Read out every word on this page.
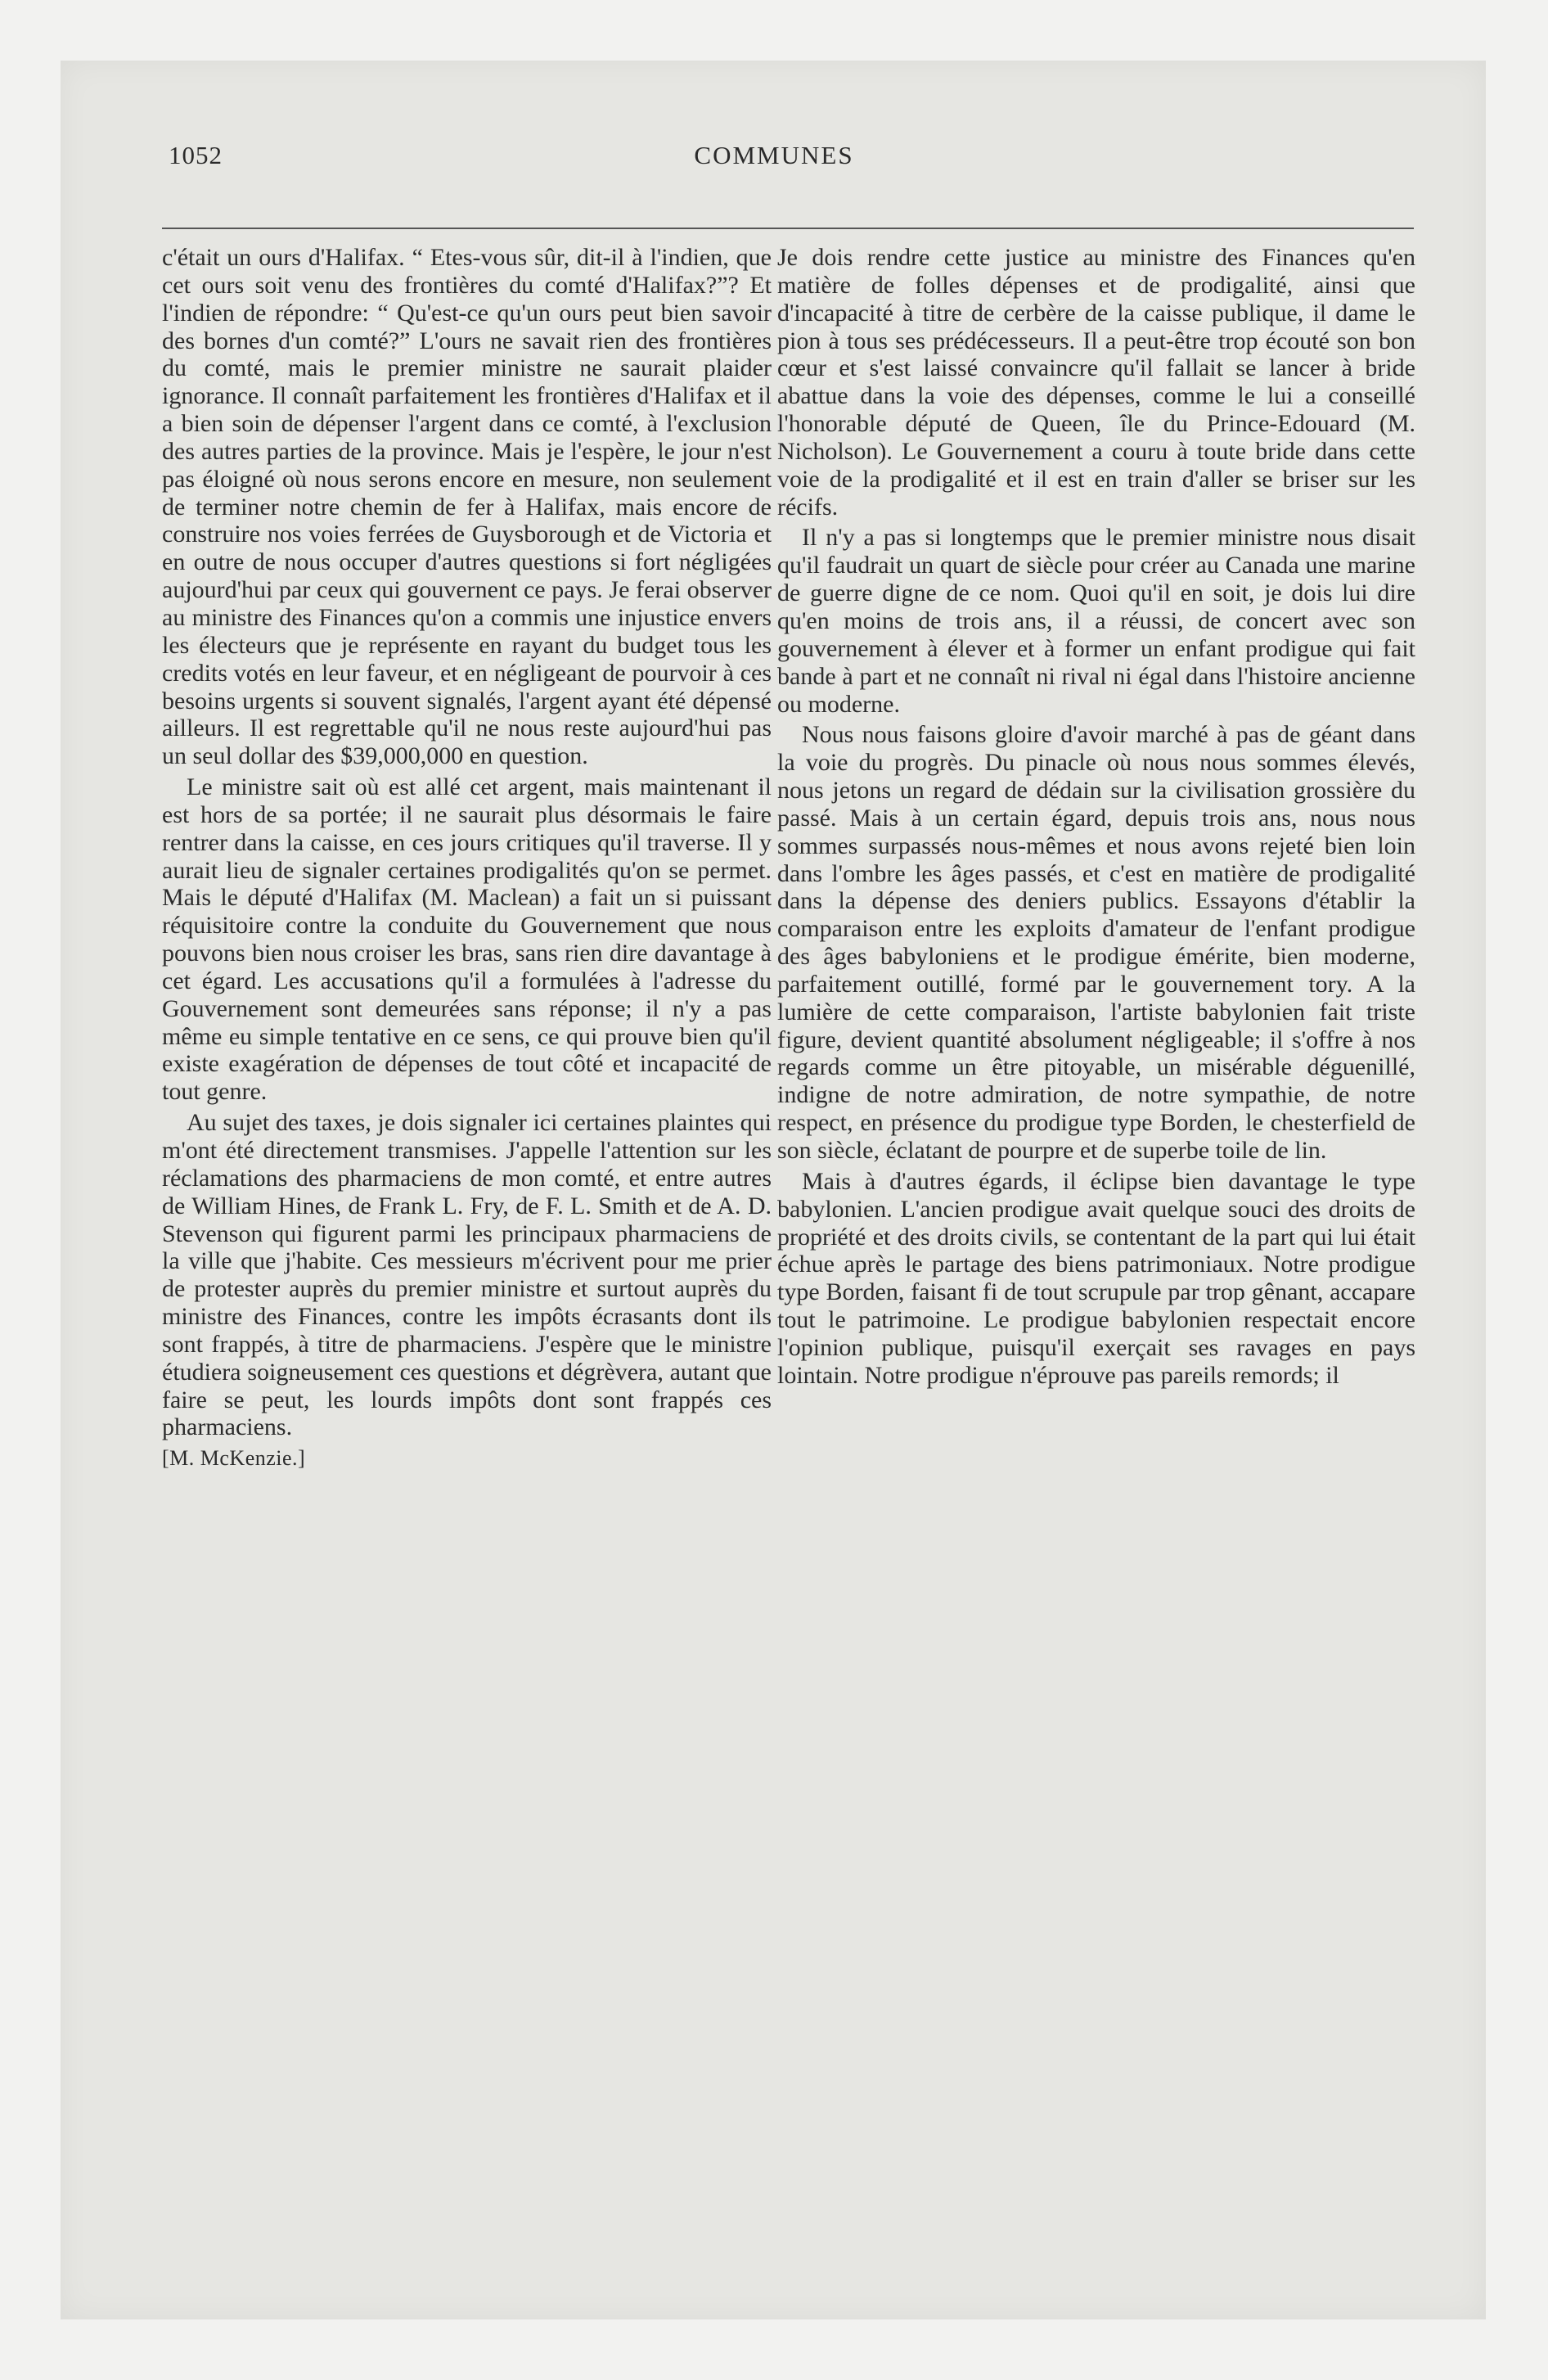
1052	COMMUNES

c'était un ours d'Halifax. “ Etes-vous sûr, dit-il à l'indien, que cet ours soit venu des frontières du comté d'Halifax?”? Et l'indien de répondre: “ Qu'est-ce qu'un ours peut bien savoir des bornes d'un comté?” L'ours ne savait rien des frontières du comté, mais le premier ministre ne saurait plaider ignorance. Il connaît parfaitement les frontières d'Halifax et il a bien soin de dépenser l'argent dans ce comté, à l'exclusion des autres parties de la province. Mais je l'espère, le jour n'est pas éloigné où nous serons encore en mesure, non seulement de terminer notre chemin de fer à Halifax, mais encore de construire nos voies ferrées de Guysborough et de Victoria et en outre de nous occuper d'autres questions si fort négligées aujourd'hui par ceux qui gouvernent ce pays. Je ferai observer au ministre des Finances qu'on a commis une injustice envers les électeurs que je représente en rayant du budget tous les credits votés en leur faveur, et en négligeant de pourvoir à ces besoins urgents si souvent signalés, l'argent ayant été dépensé ailleurs. Il est regrettable qu'il ne nous reste aujourd'hui pas un seul dollar des $39,000,000 en question.

Le ministre sait où est allé cet argent, mais maintenant il est hors de sa portée; il ne saurait plus désormais le faire rentrer dans la caisse, en ces jours critiques qu'il traverse. Il y aurait lieu de signaler certaines prodigalités qu'on se permet. Mais le député d'Halifax (M. Maclean) a fait un si puissant réquisitoire contre la conduite du Gouvernement que nous pouvons bien nous croiser les bras, sans rien dire davantage à cet égard. Les accusations qu'il a formulées à l'adresse du Gouvernement sont demeurées sans réponse; il n'y a pas même eu simple tentative en ce sens, ce qui prouve bien qu'il existe exagération de dépenses de tout côté et incapacité de tout genre.

Au sujet des taxes, je dois signaler ici certaines plaintes qui m'ont été directement transmises. J'appelle l'attention sur les réclamations des pharmaciens de mon comté, et entre autres de William Hines, de Frank L. Fry, de F. L. Smith et de A. D. Stevenson qui figurent parmi les principaux pharmaciens de la ville que j'habite. Ces messieurs m'écrivent pour me prier de protester auprès du premier ministre et surtout auprès du ministre des Finances, contre les impôts écrasants dont ils sont frappés, à titre de pharmaciens. J'espère que le ministre étudiera soigneusement ces questions et dégrèvera, autant que faire se peut, les lourds impôts dont sont frappés ces pharmaciens.

[M. McKenzie.]

Je dois rendre cette justice au ministre des Finances qu'en matière de folles dépenses et de prodigalité, ainsi que d'incapacité à titre de cerbère de la caisse publique, il dame le pion à tous ses prédécesseurs. Il a peut-être trop écouté son bon cœur et s'est laissé convaincre qu'il fallait se lancer à bride abattue dans la voie des dépenses, comme le lui a conseillé l'honorable député de Queen, île du Prince-Edouard (M. Nicholson). Le Gouvernement a couru à toute bride dans cette voie de la prodigalité et il est en train d'aller se briser sur les récifs.

Il n'y a pas si longtemps que le premier ministre nous disait qu'il faudrait un quart de siècle pour créer au Canada une marine de guerre digne de ce nom. Quoi qu'il en soit, je dois lui dire qu'en moins de trois ans, il a réussi, de concert avec son gouvernement à élever et à former un enfant prodigue qui fait bande à part et ne connaît ni rival ni égal dans l'histoire ancienne ou moderne.

Nous nous faisons gloire d'avoir marché à pas de géant dans la voie du progrès. Du pinacle où nous nous sommes élevés, nous jetons un regard de dédain sur la civilisation grossière du passé. Mais à un certain égard, depuis trois ans, nous nous sommes surpassés nous-mêmes et nous avons rejeté bien loin dans l'ombre les âges passés, et c'est en matière de prodigalité dans la dépense des deniers publics. Essayons d'établir la comparaison entre les exploits d'amateur de l'enfant prodigue des âges babyloniens et le prodigue émérite, bien moderne, parfaitement outillé, formé par le gouvernement tory. A la lumière de cette comparaison, l'artiste babylonien fait triste figure, devient quantité absolument négligeable; il s'offre à nos regards comme un être pitoyable, un misérable déguenillé, indigne de notre admiration, de notre sympathie, de notre respect, en présence du prodigue type Borden, le chesterfield de son siècle, éclatant de pourpre et de superbe toile de lin.

Mais à d'autres égards, il éclipse bien davantage le type babylonien. L'ancien prodigue avait quelque souci des droits de propriété et des droits civils, se contentant de la part qui lui était échue après le partage des biens patrimoniaux. Notre prodigue type Borden, faisant fi de tout scrupule par trop gênant, accapare tout le patrimoine. Le prodigue babylonien respectait encore l'opinion publique, puisqu'il exerçait ses ravages en pays lointain. Notre prodigue n'éprouve pas pareils remords; il
